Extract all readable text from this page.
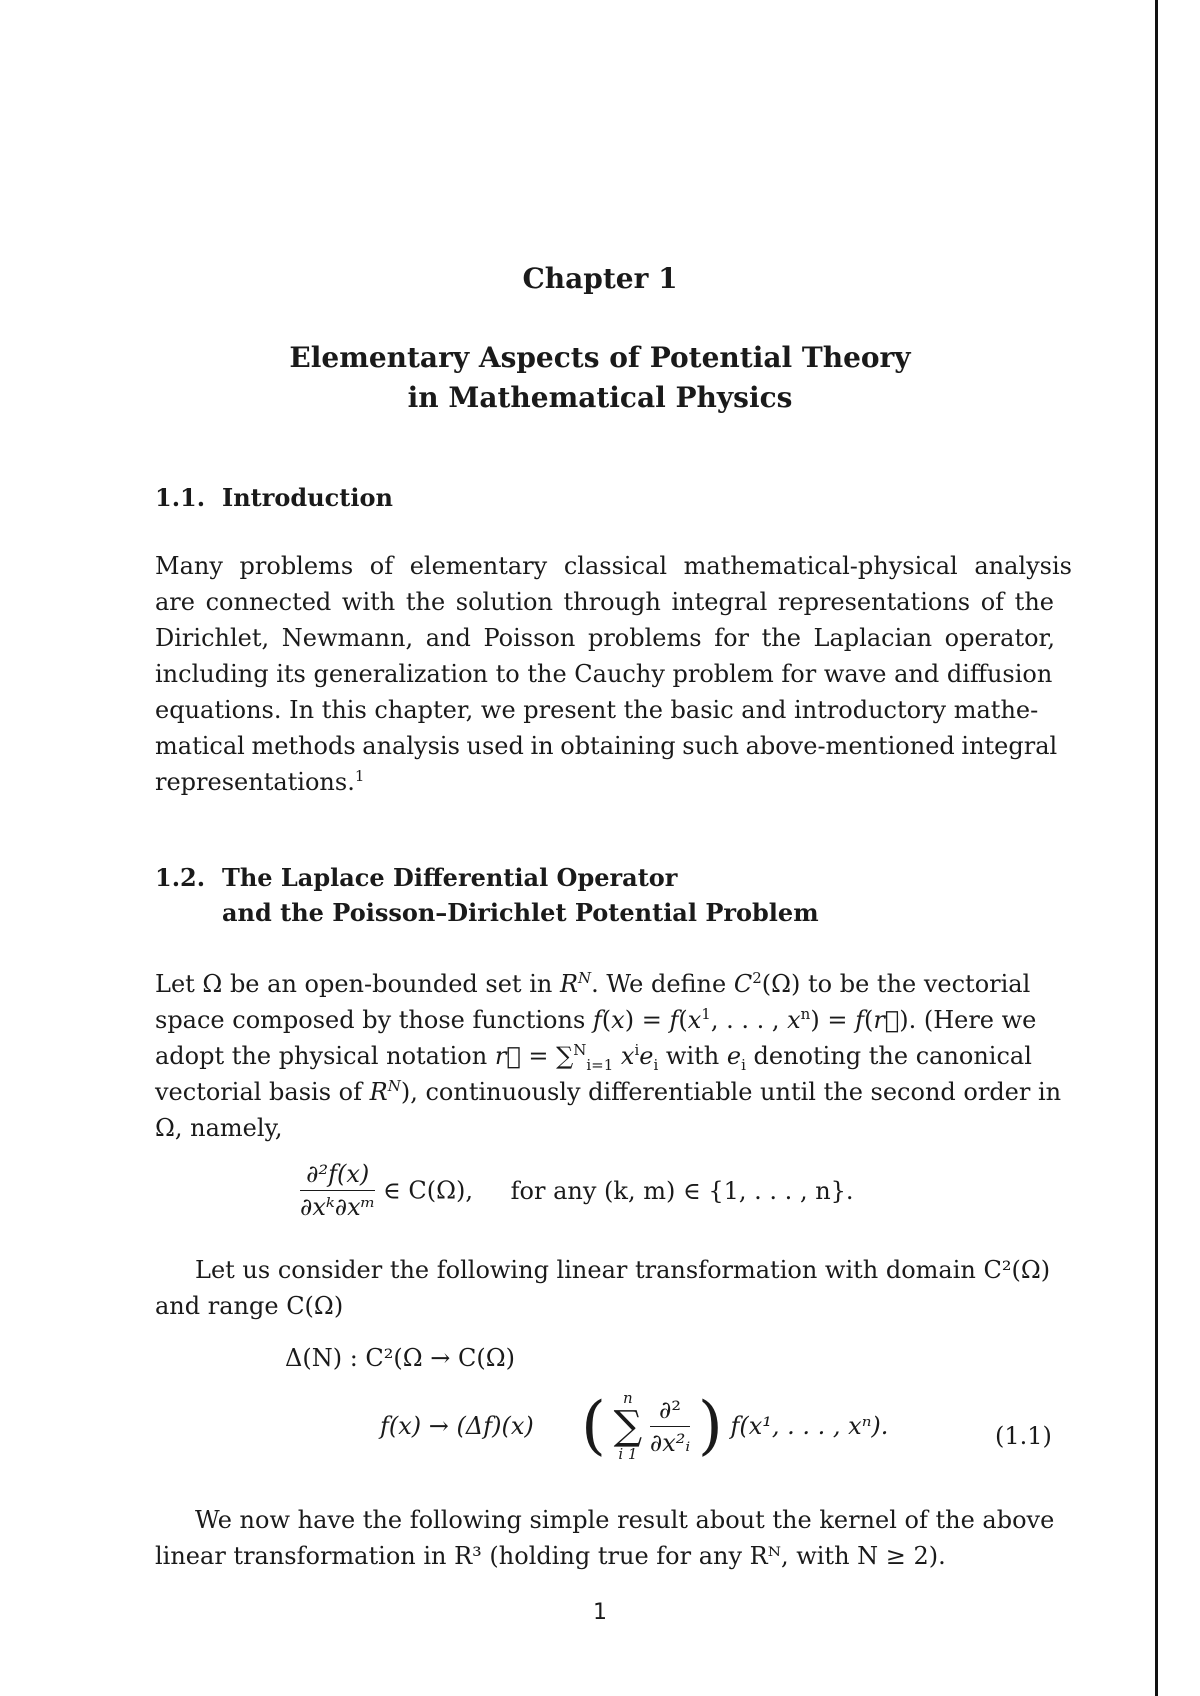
Chapter 1
Elementary Aspects of Potential Theory
in Mathematical Physics
1.1. Introduction
Many problems of elementary classical mathematical-physical analysis
are connected with the solution through integral representations of the
Dirichlet, Newmann, and Poisson problems for the Laplacian operator,
including its generalization to the Cauchy problem for wave and diffusion
equations. In this chapter, we present the basic and introductory mathe-
matical methods analysis used in obtaining such above-mentioned integral
representations.$^1$
1.2. The Laplace Differential Operator
and the Poisson–Dirichlet Potential Problem
Let Ω be an open-bounded set in $R^N$. We define $C^2(\Omega)$ to be the vectorial
space composed by those functions $f(x) = f(x^1$, . . . , $x^n$) = f(r⃗). (Here we
adopt the physical notation r⃗ = ∑$^N_{i=1}$ $x^ie_i$ with $e_i$ denoting the canonical
vectorial basis of $R^N$), continuously differentiable until the second order in
Ω, namely,
$\frac{\text{∂²f(x)}}{\text{∂xᵏ∂xᵐ}}$ ∈ C(Ω), for any (k, m) ∈ {1, . . . , n}.
Let us consider the following linear transformation with domain C²(Ω)
and range C(Ω)
Δ(N) : C²(Ω → C(Ω)
f(x) → (Δf)(x) (	n
∑
i 1
$\frac{\text{∂²}}{\text{∂x²ᵢ}}$ ) f(x¹, . . . , xⁿ).	(1.1)
We now have the following simple result about the kernel of the above
linear transformation in R³ (holding true for any Rᴺ, with N ≥ 2).
1
